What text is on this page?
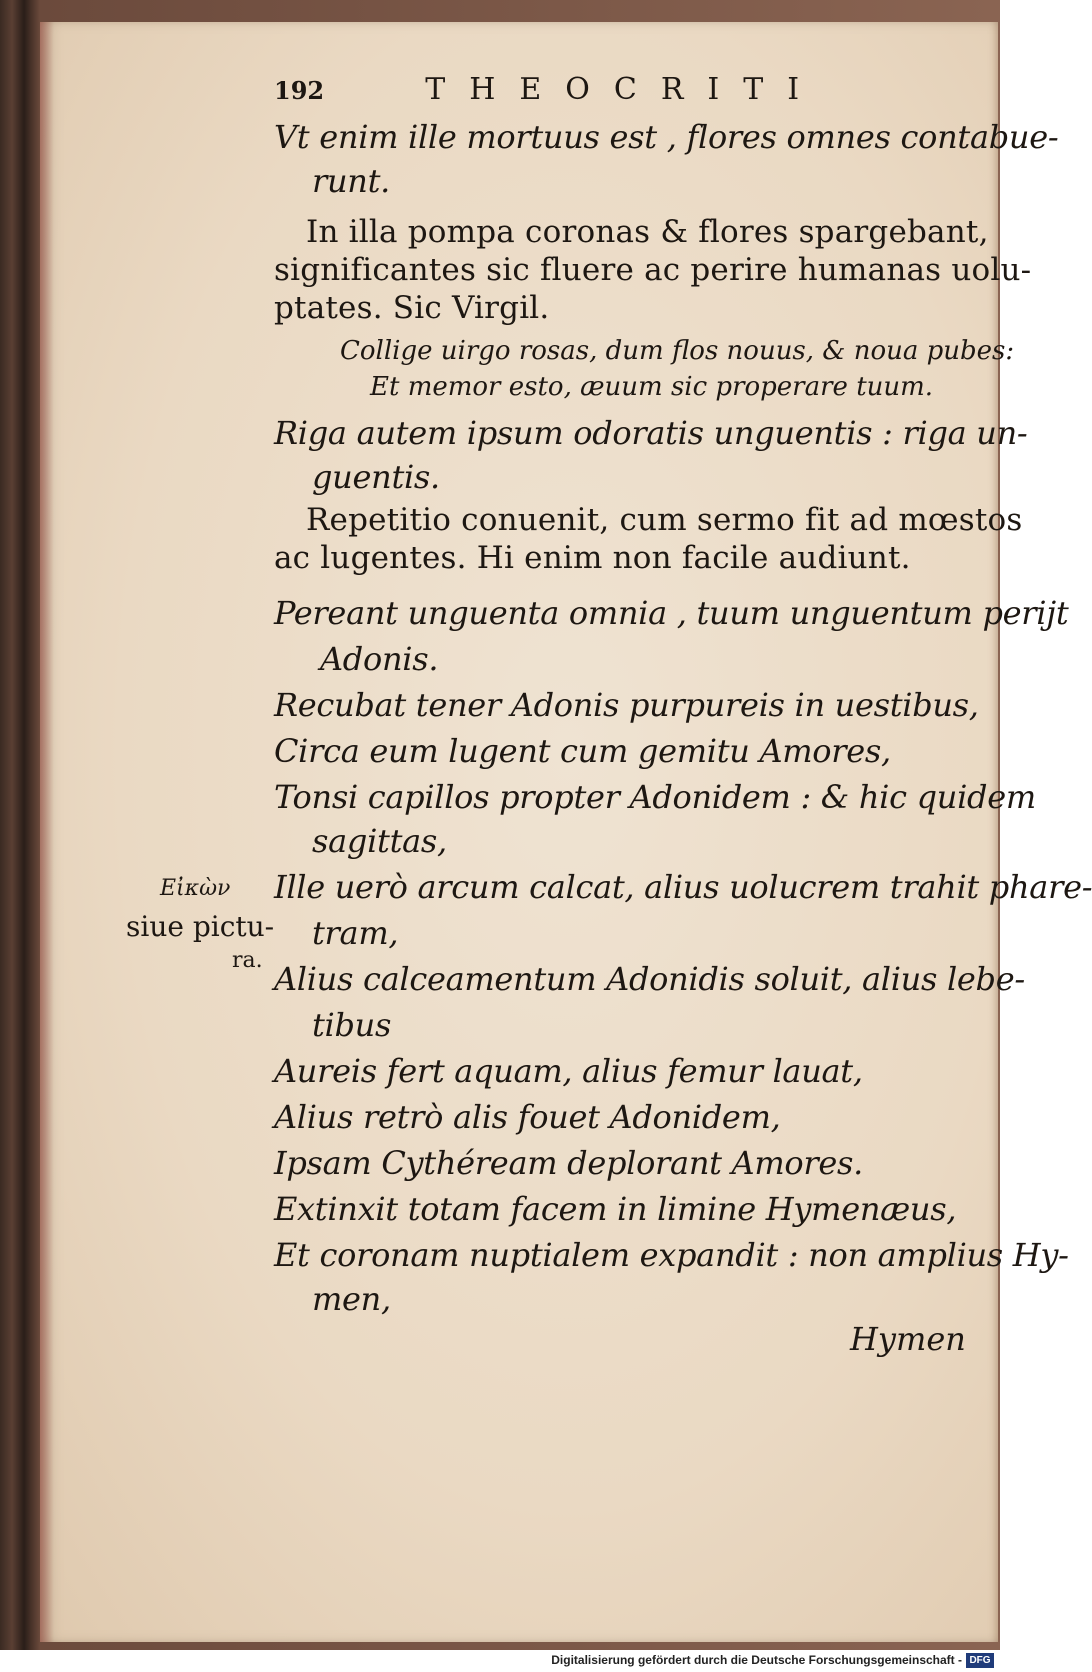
192	THEOCRITI
Vt enim ille mortuus est , flores omnes contabue-
runt.
In illa pompa coronas & flores spargebant,
significantes sic fluere ac perire humanas uolu-
ptates. Sic Virgil.
Collige uirgo rosas, dum flos nouus, & noua pubes:
Et memor esto, æuum sic properare tuum.
Riga autem ipsum odoratis unguentis : riga un-
guentis.
Repetitio conuenit, cum sermo fit ad mœstos
ac lugentes. Hi enim non facile audiunt.
Pereant unguenta omnia , tuum unguentum perijt
Adonis.
Recubat tener Adonis purpureis in uestibus,
Circa eum lugent cum gemitu Amores,
Tonsi capillos propter Adonidem : & hic quidem
sagittas,
Ille uerò arcum calcat, alius uolucrem trahit phare-
tram,
Alius calceamentum Adonidis soluit, alius lebe-
tibus
Aureis fert aquam, alius femur lauat,
Alius retrò alis fouet Adonidem,
Ipsam Cythéream deplorant Amores.
Extinxit totam facem in limine Hymenæus,
Et coronam nuptialem expandit : non amplius Hy-
men,
Εἰκὼν
siue pictu-
ra.
Hymen
Digitalisierung gefördert durch die Deutsche Forschungsgemeinschaft - DFG
